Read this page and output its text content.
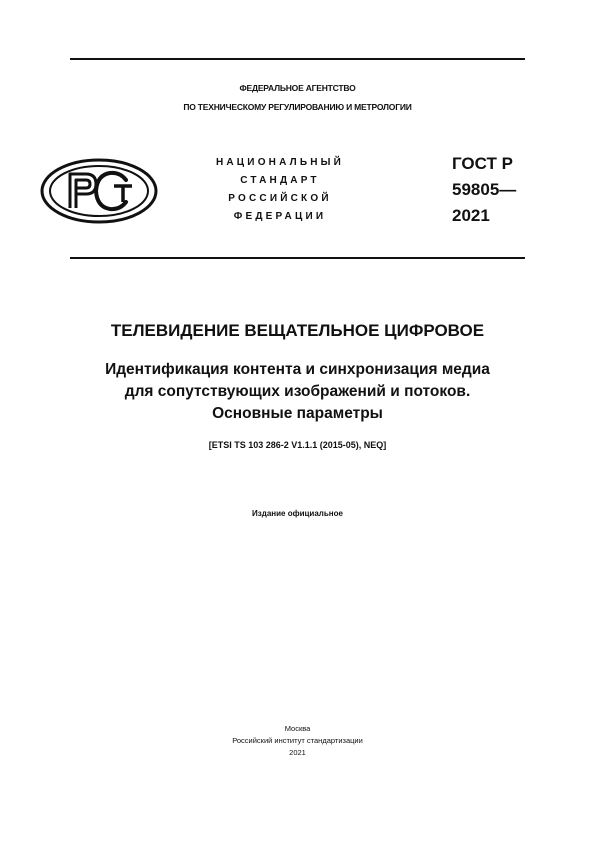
ФЕДЕРАЛЬНОЕ АГЕНТСТВО
ПО ТЕХНИЧЕСКОМУ РЕГУЛИРОВАНИЮ И МЕТРОЛОГИИ
НАЦИОНАЛЬНЫЙ
СТАНДАРТ
РОССИЙСКОЙ
ФЕДЕРАЦИИ
ГОСТ Р
59805—
2021
ТЕЛЕВИДЕНИЕ ВЕЩАТЕЛЬНОЕ ЦИФРОВОЕ
Идентификация контента и синхронизация медиа
для сопутствующих изображений и потоков.
Основные параметры
[ETSI TS 103 286-2 V1.1.1 (2015-05), NEQ]
Издание официальное
Москва
Российский институт стандартизации
2021
